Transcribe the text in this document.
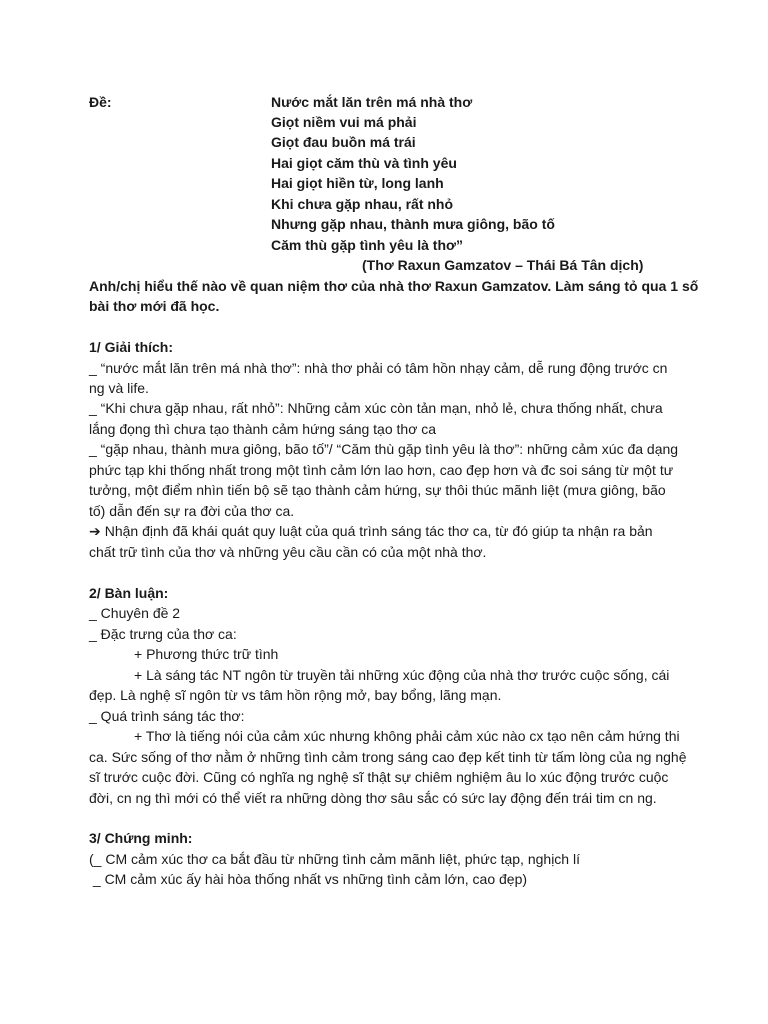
Đề:	Nước mắt lăn trên má nhà thơ
Giọt niềm vui má phải
Giọt đau buồn má trái
Hai giọt căm thù và tình yêu
Hai giọt hiền từ, long lanh
Khi chưa gặp nhau, rất nhỏ
Nhưng gặp nhau, thành mưa giông, bão tố
Căm thù gặp tình yêu là thơ”
(Thơ Raxun Gamzatov – Thái Bá Tân dịch)
Anh/chị hiểu thế nào về quan niệm thơ của nhà thơ Raxun Gamzatov. Làm sáng tỏ qua 1 số
bài thơ mới đã học.
1/ Giải thích:
_ “nước mắt lăn trên má nhà thơ”: nhà thơ phải có tâm hồn nhạy cảm, dễ rung động trước cn
ng và life.
_ “Khi chưa gặp nhau, rất nhỏ”: Những cảm xúc còn tản mạn, nhỏ lẻ, chưa thống nhất, chưa
lắng đọng thì chưa tạo thành cảm hứng sáng tạo thơ ca
_ “gặp nhau, thành mưa giông, bão tố”/ “Căm thù gặp tình yêu là thơ”: những cảm xúc đa dạng
phức tạp khi thống nhất trong một tình cảm lớn lao hơn, cao đẹp hơn và đc soi sáng từ một tư
tưởng, một điểm nhìn tiến bộ sẽ tạo thành cảm hứng, sự thôi thúc mãnh liệt (mưa giông, bão
tố) dẫn đến sự ra đời của thơ ca.
➔ Nhận định đã khái quát quy luật của quá trình sáng tác thơ ca, từ đó giúp ta nhận ra bản
chất trữ tình của thơ và những yêu cầu cần có của một nhà thơ.
2/ Bàn luận:
_ Chuyên đề 2
_ Đặc trưng của thơ ca:
+ Phương thức trữ tình
+ Là sáng tác NT ngôn từ truyền tải những xúc động của nhà thơ trước cuộc sống, cái
đẹp. Là nghệ sĩ ngôn từ vs tâm hồn rộng mở, bay bổng, lãng mạn.
_ Quá trình sáng tác thơ:
+ Thơ là tiếng nói của cảm xúc nhưng không phải cảm xúc nào cx tạo nên cảm hứng thi
ca. Sức sống of thơ nằm ở những tình cảm trong sáng cao đẹp kết tinh từ tấm lòng của ng nghệ
sĩ trước cuộc đời. Cũng có nghĩa ng nghệ sĩ thật sự chiêm nghiệm âu lo xúc động trước cuộc
đời, cn ng thì mới có thể viết ra những dòng thơ sâu sắc có sức lay động đến trái tim cn ng.
3/ Chứng minh:
(_ CM cảm xúc thơ ca bắt đầu từ những tình cảm mãnh liệt, phức tạp, nghịch lí
_ CM cảm xúc ấy hài hòa thống nhất vs những tình cảm lớn, cao đẹp)
